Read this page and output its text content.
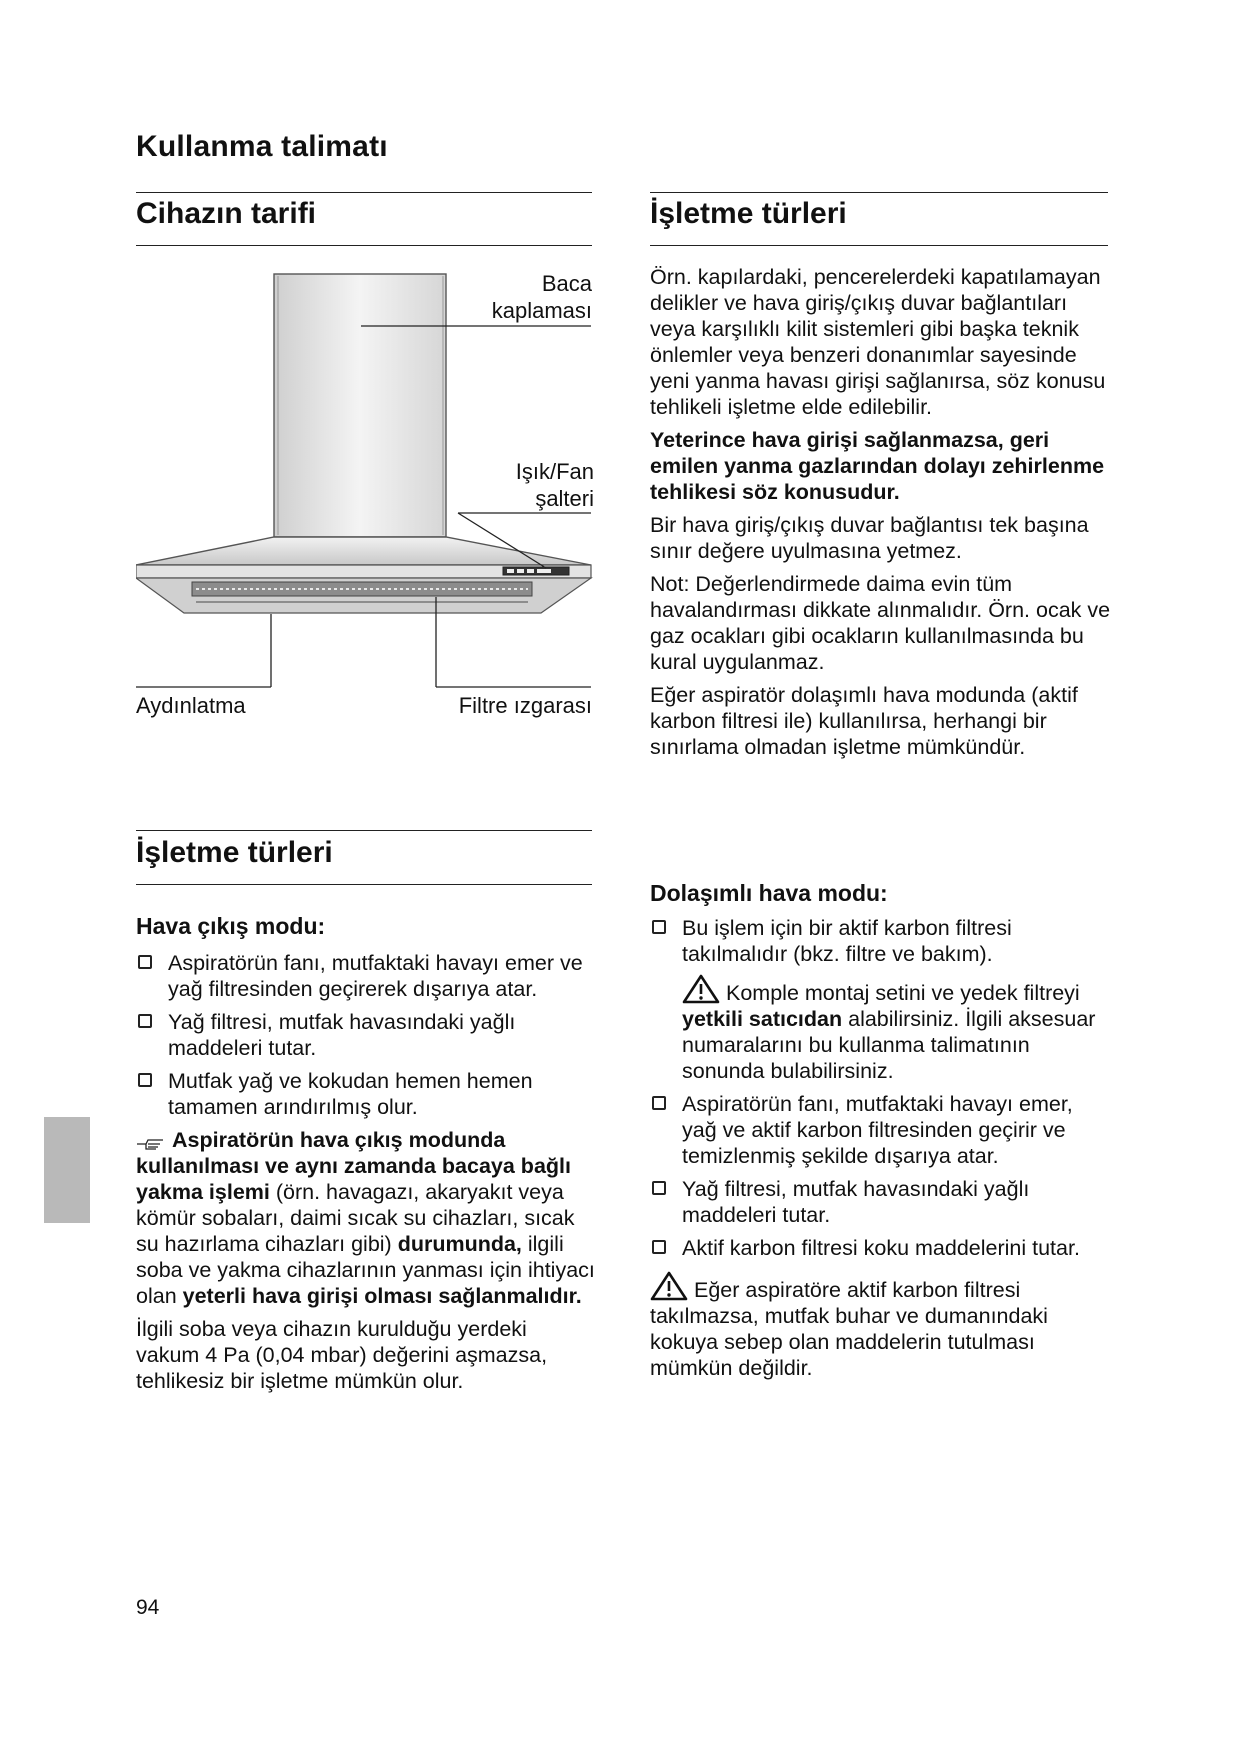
Kullanma talimatı
Cihazın tarifi
Baca
kaplaması
Işık/Fan
şalteri
Aydınlatma	Filtre ızgarası
İşletme türleri
Hava çıkış modu:
Aspiratörün fanı, mutfaktaki havayı emer ve yağ filtresinden geçirerek dışarıya atar.
Yağ filtresi, mutfak havasındaki yağlı maddeleri tutar.
Mutfak yağ ve kokudan hemen hemen tamamen arındırılmış olur.
Aspiratörün hava çıkış modunda kullanılması ve aynı zamanda bacaya bağlı yakma işlemi (örn. havagazı, akaryakıt veya kömür sobaları, daimi sıcak su cihazları, sıcak su hazırlama cihazları gibi) durumunda, ilgili soba ve yakma cihazlarının yanması için ihtiyacı olan yeterli hava girişi olması sağlanmalıdır.
İlgili soba veya cihazın kurulduğu yerdeki vakum 4 Pa (0,04 mbar) değerini aşmazsa, tehlikesiz bir işletme mümkün olur.
İşletme türleri
Örn. kapılardaki, pencerelerdeki kapatılamayan delikler ve hava giriş/çıkış duvar bağlantıları veya karşılıklı kilit sistemleri gibi başka teknik önlemler veya benzeri donanımlar sayesinde yeni yanma havası girişi sağlanırsa, söz konusu tehlikeli işletme elde edilebilir.
Yeterince hava girişi sağlanmazsa, geri emilen yanma gazlarından dolayı zehirlenme tehlikesi söz konusudur.
Bir hava giriş/çıkış duvar bağlantısı tek başına sınır değere uyulmasına yetmez.
Not: Değerlendirmede daima evin tüm havalandırması dikkate alınmalıdır. Örn. ocak ve gaz ocakları gibi ocakların kullanılmasında bu kural uygulanmaz.
Eğer aspiratör dolaşımlı hava modunda (aktif karbon filtresi ile) kullanılırsa, herhangi bir sınırlama olmadan işletme mümkündür.
Dolaşımlı hava modu:
Bu işlem için bir aktif karbon filtresi takılmalıdır (bkz. filtre ve bakım).
Komple montaj setini ve yedek filtreyi yetkili satıcıdan alabilirsiniz. İlgili aksesuar numaralarını bu kullanma talimatının sonunda bulabilirsiniz.
Aspiratörün fanı, mutfaktaki havayı emer, yağ ve aktif karbon filtresinden geçirir ve temizlenmiş şekilde dışarıya atar.
Yağ filtresi, mutfak havasındaki yağlı maddeleri tutar.
Aktif karbon filtresi koku maddelerini tutar.
Eğer aspiratöre aktif karbon filtresi takılmazsa, mutfak buhar ve dumanındaki kokuya sebep olan maddelerin tutulması mümkün değildir.
94
